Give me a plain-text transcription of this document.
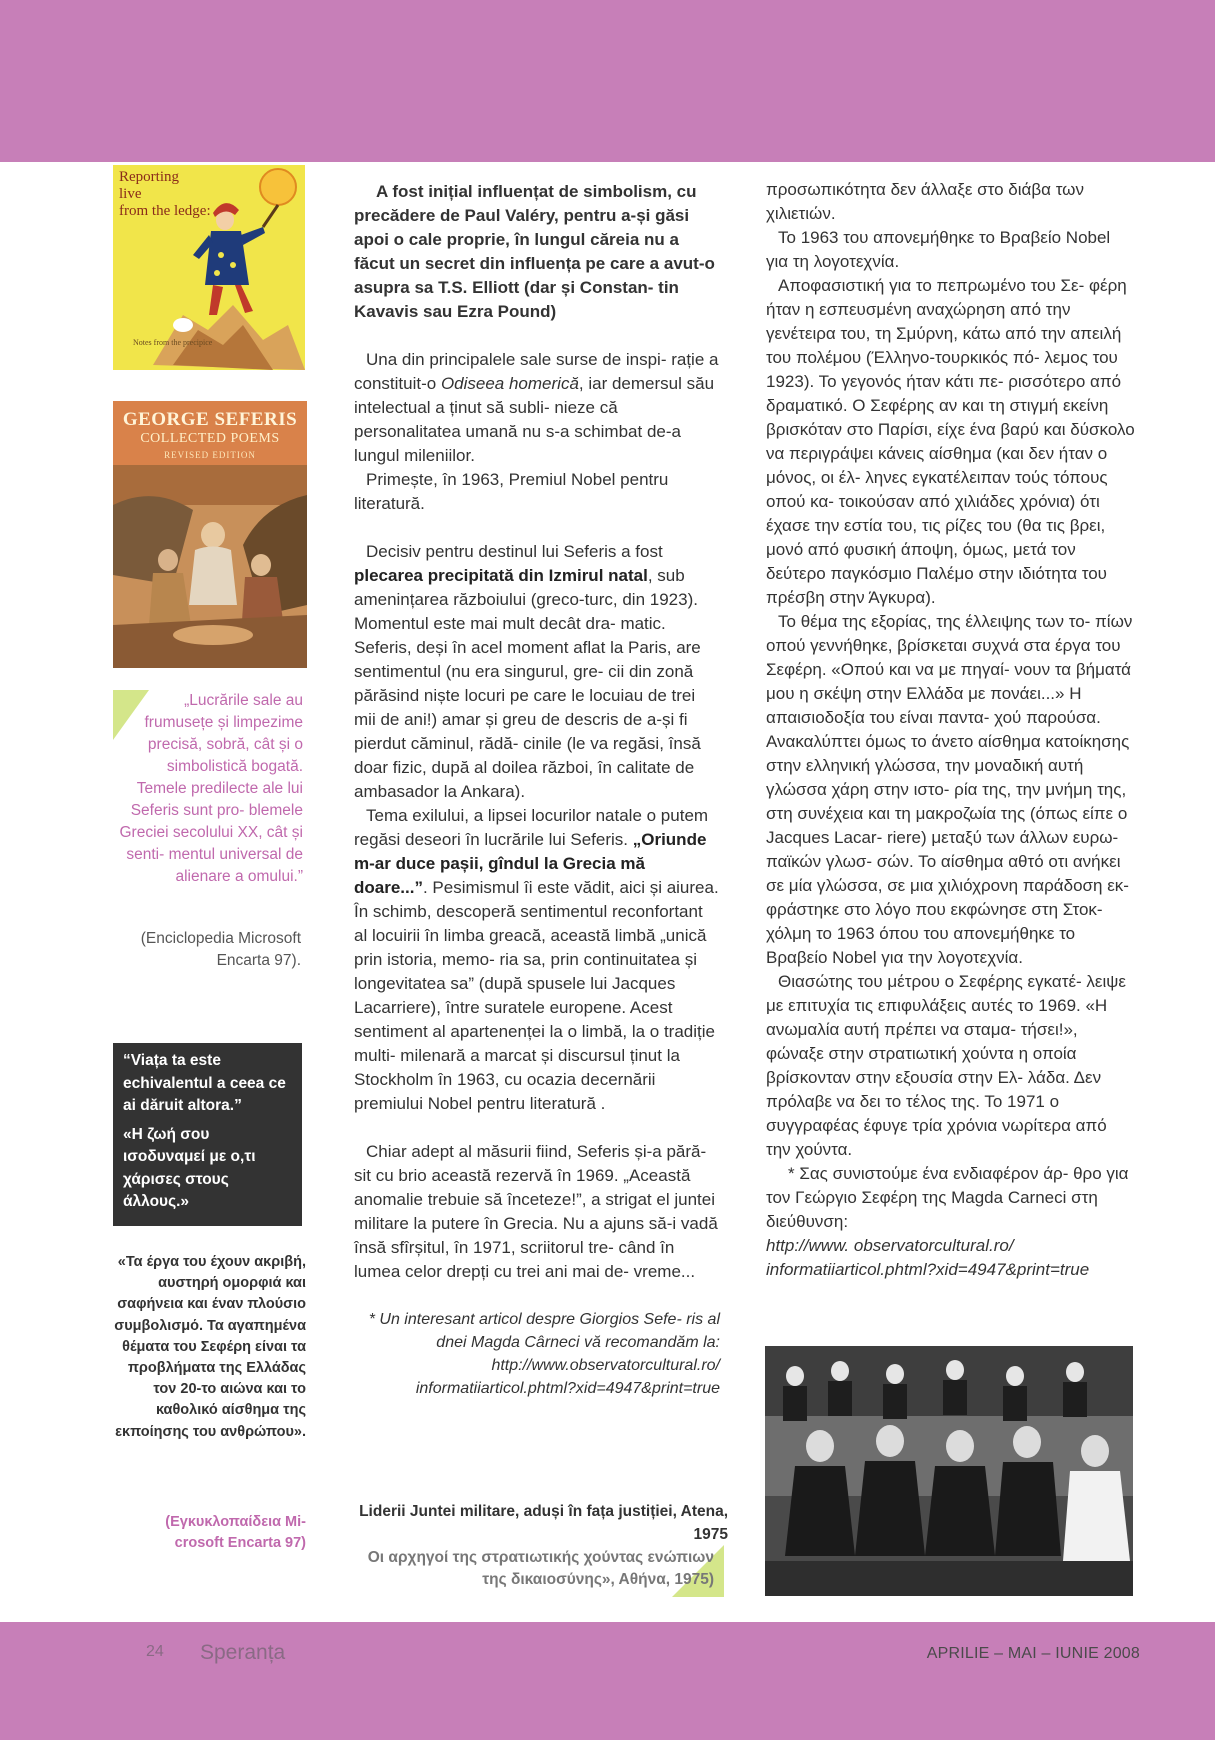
Reporting
live
from the ledge:
Notes from the precipice
GEORGE SEFERIS
COLLECTED POEMS
REVISED EDITION
„Lucrările sale au frumusețe și limpezime precisă, sobră, cât și o simbolistică bogată. Temele predilecte ale lui Seferis sunt pro- blemele Greciei secolului XX, cât și senti- mentul universal de alienare a omului.”
(Enciclopedia Microsoft Encarta 97).
“Viața ta este echivalentul a ceea ce ai dăruit altora.”
«Η ζωή σου ισοδυναμεί με ο,τι χάρισες στους άλλους.»
«Τα έργα του έχουν ακριβή, αυστηρή ομορφιά και σαφήνεια και έναν πλούσιο συμβολισμό. Τα αγαπημένα θέματα του Σεφέρη είναι τα προβλήματα της Ελλάδας τον 20-το αιώνα και το καθολικό αίσθημα της εκποίησης του ανθρώπου».
(Εγκυκλοπαίδεια Mi- crosoft Encarta 97)

A fost inițial influențat de simbolism, cu precădere de Paul Valéry, pentru a-și găsi apoi o cale proprie, în lungul căreia nu a făcut un secret din influența pe care a avut-o asupra sa T.S. Elliott (dar și Constan- tin Kavavis sau Ezra Pound)

Una din principalele sale surse de inspi- rație a constituit-o Odiseea homerică, iar demersul său intelectual a ținut să subli- nieze că personalitatea umană nu s-a schimbat de-a lungul mileniilor.

Primește, în 1963, Premiul Nobel pentru literatură.

Decisiv pentru destinul lui Seferis a fost plecarea precipitată din Izmirul natal, sub amenințarea războiului (greco-turc, din 1923). Momentul este mai mult decât dra- matic. Seferis, deși în acel moment aflat la Paris, are sentimentul (nu era singurul, gre- cii din zonă părăsind niște locuri pe care le locuiau de trei mii de ani!) amar și greu de descris de a-și fi pierdut căminul, rădă- cinile (le va regăsi, însă doar fizic, după al doilea război, în calitate de ambasador la Ankara).

Tema exilului, a lipsei locurilor natale o putem regăsi deseori în lucrările lui Seferis. „Oriunde m-ar duce pașii, gîndul la Grecia mă doare...”. Pesimismul îi este vădit, aici și aiurea. În schimb, descoperă sentimentul reconfortant al locuirii în limba greacă, această limbă „unică prin istoria, memo- ria sa, prin continuitatea și longevitatea sa” (după spusele lui Jacques Lacarriere), între suratele europene. Acest sentiment al apartenenței la o limbă, la o tradiție multi- milenară a marcat și discursul ținut la Stockholm în 1963, cu ocazia decernării premiului Nobel pentru literatură .

Chiar adept al măsurii fiind, Seferis și-a pără- sit cu brio această rezervă în 1969. „Această anomalie trebuie să înceteze!”, a strigat el juntei militare la putere în Grecia. Nu a ajuns să-i vadă însă sfîrșitul, în 1971, scriitorul tre- când în lumea celor drepți cu trei ani mai de- vreme...

* Un interesant articol despre Giorgios Sefe- ris al dnei Magda Cârneci vă recomandăm la: http://www.observatorcultural.ro/ informatiiarticol.phtml?xid=4947&print=true

Liderii Juntei militare, aduși în fața justiției, Atena, 1975
Οι αρχηγοί της στρατιωτικής χούντας ενώπιων της δικαιοσύνης», Αθήνα, 1975)

προσωπικότητα δεν άλλαξε στο διάβα των χιλιετιών.

Το 1963 του απονεμήθηκε το Βραβείο Nobel για τη λογοτεχνία.

Αποφασιστική για το πεπρωμένο του Σε- φέρη ήταν η εσπευσμένη αναχώρηση από την γενέτειρα του, τη Σμύρνη, κάτω από την απειλή του πολέμου (Έλληνο-τουρκικός πό- λεμος του 1923). Το γεγονός ήταν κάτι πε- ρισσότερο από δραματικό. Ο Σεφέρης αν και τη στιγμή εκείνη βρισκόταν στο Παρίσι, είχε ένα βαρύ και δύσκολο να περιγράψει κάνεις αίσθημα (και δεν ήταν ο μόνος, οι έλ- ληνες εγκατέλειπαν τούς τόπους οπού κα- τοικούσαν από χιλιάδες χρόνια) ότι έχασε την εστία του, τις ρίζες του (θα τις βρει, μονό από φυσική άποψη, όμως, μετά τον δεύτερο παγκόσμιο Παλέμο στην ιδιότητα του πρέσβη στην Άγκυρα).

Το θέμα της εξορίας, της έλλειψης των το- πίων οπού γεννήθηκε, βρίσκεται συχνά στα έργα του Σεφέρη. «Οπού και να με πηγαί- νουν τα βήματά μου η σκέψη στην Ελλάδα με πονάει...» Η απαισιοδοξία του είναι παντα- χού παρούσα. Ανακαλύπτει όμως το άνετο αίσθημα κατοίκησης στην ελληνική γλώσσα, την μοναδική αυτή γλώσσα χάρη στην ιστο- ρία της, την μνήμη της, στη συνέχεια και τη μακροζωία της (όπως είπε ο Jacques Lacar- riere) μεταξύ των άλλων ευρω- παϊκών γλωσ- σών. Το αίσθημα αθτό οτι ανήκει σε μία γλώσσα, σε μια χιλιόχρονη παράδοση εκ- φράστηκε στο λόγο που εκφώνησε στη Στοκ- χόλμη το 1963 όπου του απονεμήθηκε το Βραβείο Nobel για την λογοτεχνία.

Θιασώτης του μέτρου ο Σεφέρης εγκατέ- λειψε με επιτυχία τις επιφυλάξεις αυτές το 1969. «Η ανωμαλία αυτή πρέπει να σταμα- τήσει!», φώναξε στην στρατιωτική χούντα η οποία βρίσκονταν στην εξουσία στην Ελ- λάδα. Δεν πρόλαβε να δει το τέλος της. Το 1971 ο συγγραφέας έφυγε τρία χρόνια νωρίτερα από την χούντα.

* Σας συνιστούμε ένα ενδιαφέρον άρ- θρο για τον Γεώργιο Σεφέρη της Magda Carneci στη διεύθυνση:

http://www. observatorcultural.ro/
informatiiarticol.phtml?xid=4947&print=true

24 Speranța	APRILIE – MAI – IUNIE 2008
